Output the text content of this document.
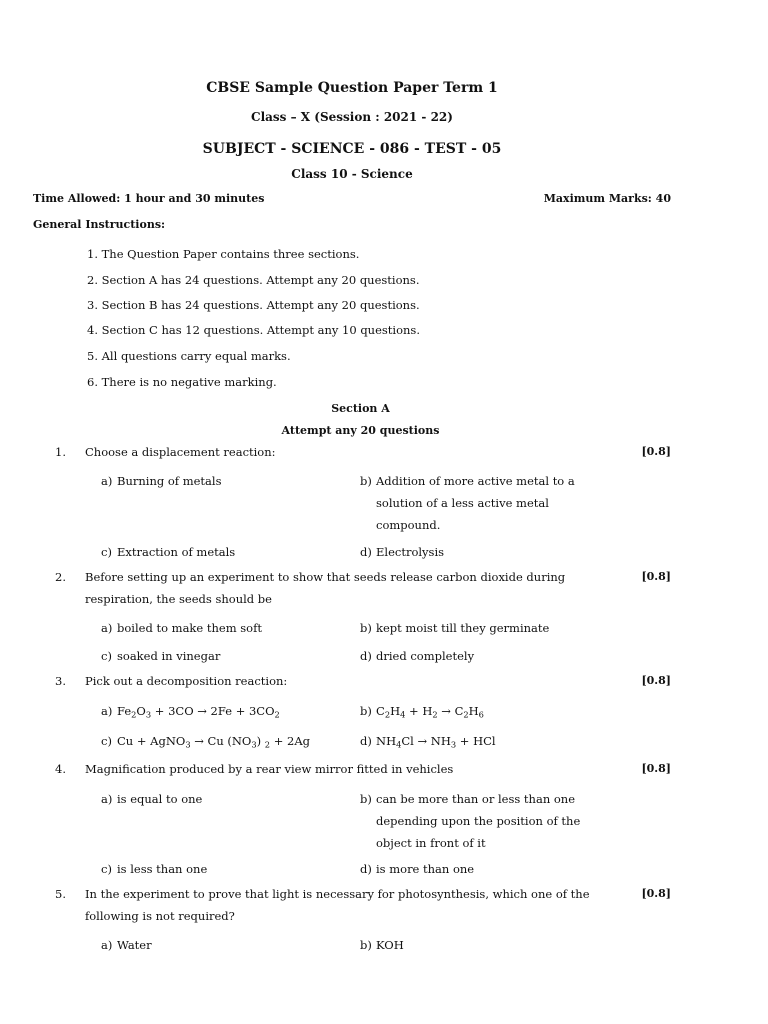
CBSE Sample Question Paper Term 1
Class – X (Session : 2021 - 22)
SUBJECT - SCIENCE - 086 - TEST - 05
Class 10 - Science
Time Allowed: 1 hour and 30 minutes	Maximum Marks: 40
General Instructions:
1. The Question Paper contains three sections.
2. Section A has 24 questions. Attempt any 20 questions.
3. Section B has 24 questions. Attempt any 20 questions.
4. Section C has 12 questions. Attempt any 10 questions.
5. All questions carry equal marks.
6. There is no negative marking.
Section A
Attempt any 20 questions
1. Choose a displacement reaction:	[0.8]
a) Burning of metals	b) Addition of more active metal to a
solution of a less active metal
compound.
c) Extraction of metals	d) Electrolysis
2. Before setting up an experiment to show that seeds release carbon dioxide during
respiration, the seeds should be
[0.8]
a) boiled to make them soft	b) kept moist till they germinate
c) soaked in vinegar	d) dried completely
3. Pick out a decomposition reaction:	[0.8]
a) $Fe_2O_3 + 3CO \to 2Fe + 3CO_2$	b) $C_2H_4 + H_2 \to C_2H_6$
c) Cu + AgNO$_3$ → Cu $(NO_3) _2 + 2Ag$	d) $NH_4Cl \to NH_3$ + HCl
4. Magnification produced by a rear view mirror fitted in vehicles	[0.8]
a) is equal to one	b) can be more than or less than one
depending upon the position of the
object in front of it
c) is less than one	d) is more than one
5. In the experiment to prove that light is necessary for photosynthesis, which one of the
following is not required?
[0.8]
a) Water	b) KOH
